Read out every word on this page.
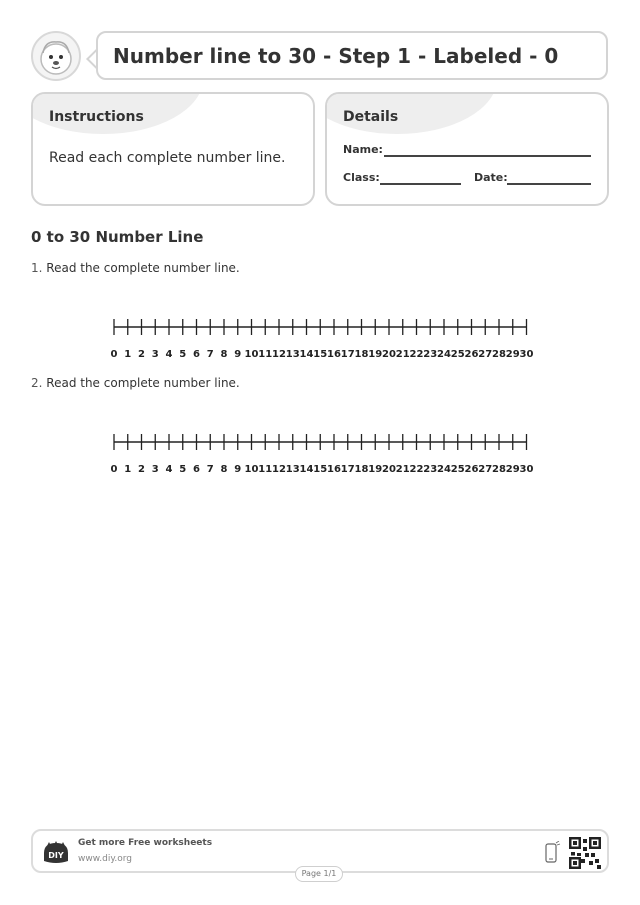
Number line to 30 - Step 1 - Labeled - 0
Instructions
Read each complete number line.
Details
Name:
Class:	Date:
0 to 30 Number Line
1. Read the complete number line.
0 1 2 3 4 5 6 7 8 9 10 11 12 13 14 15 16 17 18 19 20 21 22 23 24 25 26 27 28 29 30
2. Read the complete number line.
0 1 2 3 4 5 6 7 8 9 10 11 12 13 14 15 16 17 18 19 20 21 22 23 24 25 26 27 28 29 30
DIY
Get more Free worksheets
www.diy.org
Page 1/1
